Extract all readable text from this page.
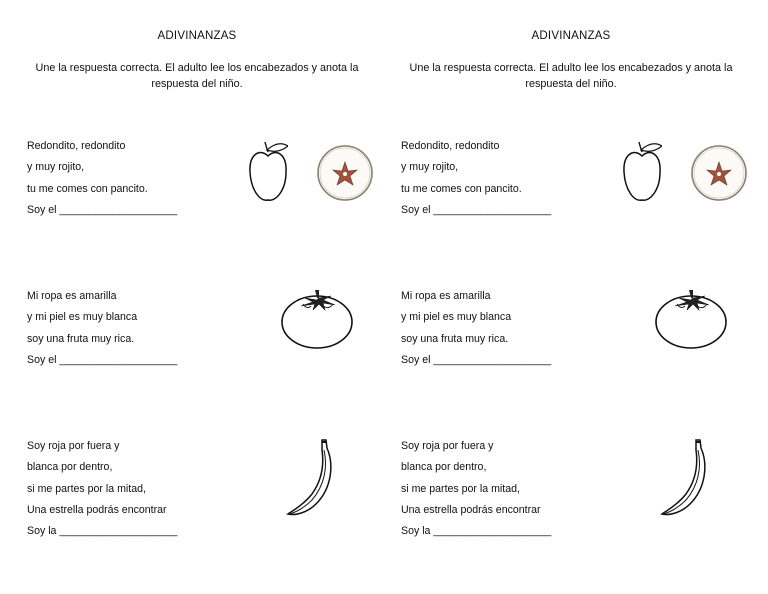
ADIVINANZAS
Une la respuesta correcta. El adulto lee los encabezados y anota la respuesta del niño.
Redondito, redondito
y muy rojito,
tu me comes con pancito.
Soy el ____________________
Mi ropa es amarilla
y mi piel es muy blanca
soy una fruta muy rica.
Soy el ____________________
Soy roja por fuera y
blanca por dentro,
si me partes por la mitad,
Una estrella podrás encontrar
Soy la ____________________
ADIVINANZAS
Une la respuesta correcta. El adulto lee los encabezados y anota la respuesta del niño.
Redondito, redondito
y muy rojito,
tu me comes con pancito.
Soy el ____________________
Mi ropa es amarilla
y mi piel es muy blanca
soy una fruta muy rica.
Soy el ____________________
Soy roja por fuera y
blanca por dentro,
si me partes por la mitad,
Una estrella podrás encontrar
Soy la ____________________
